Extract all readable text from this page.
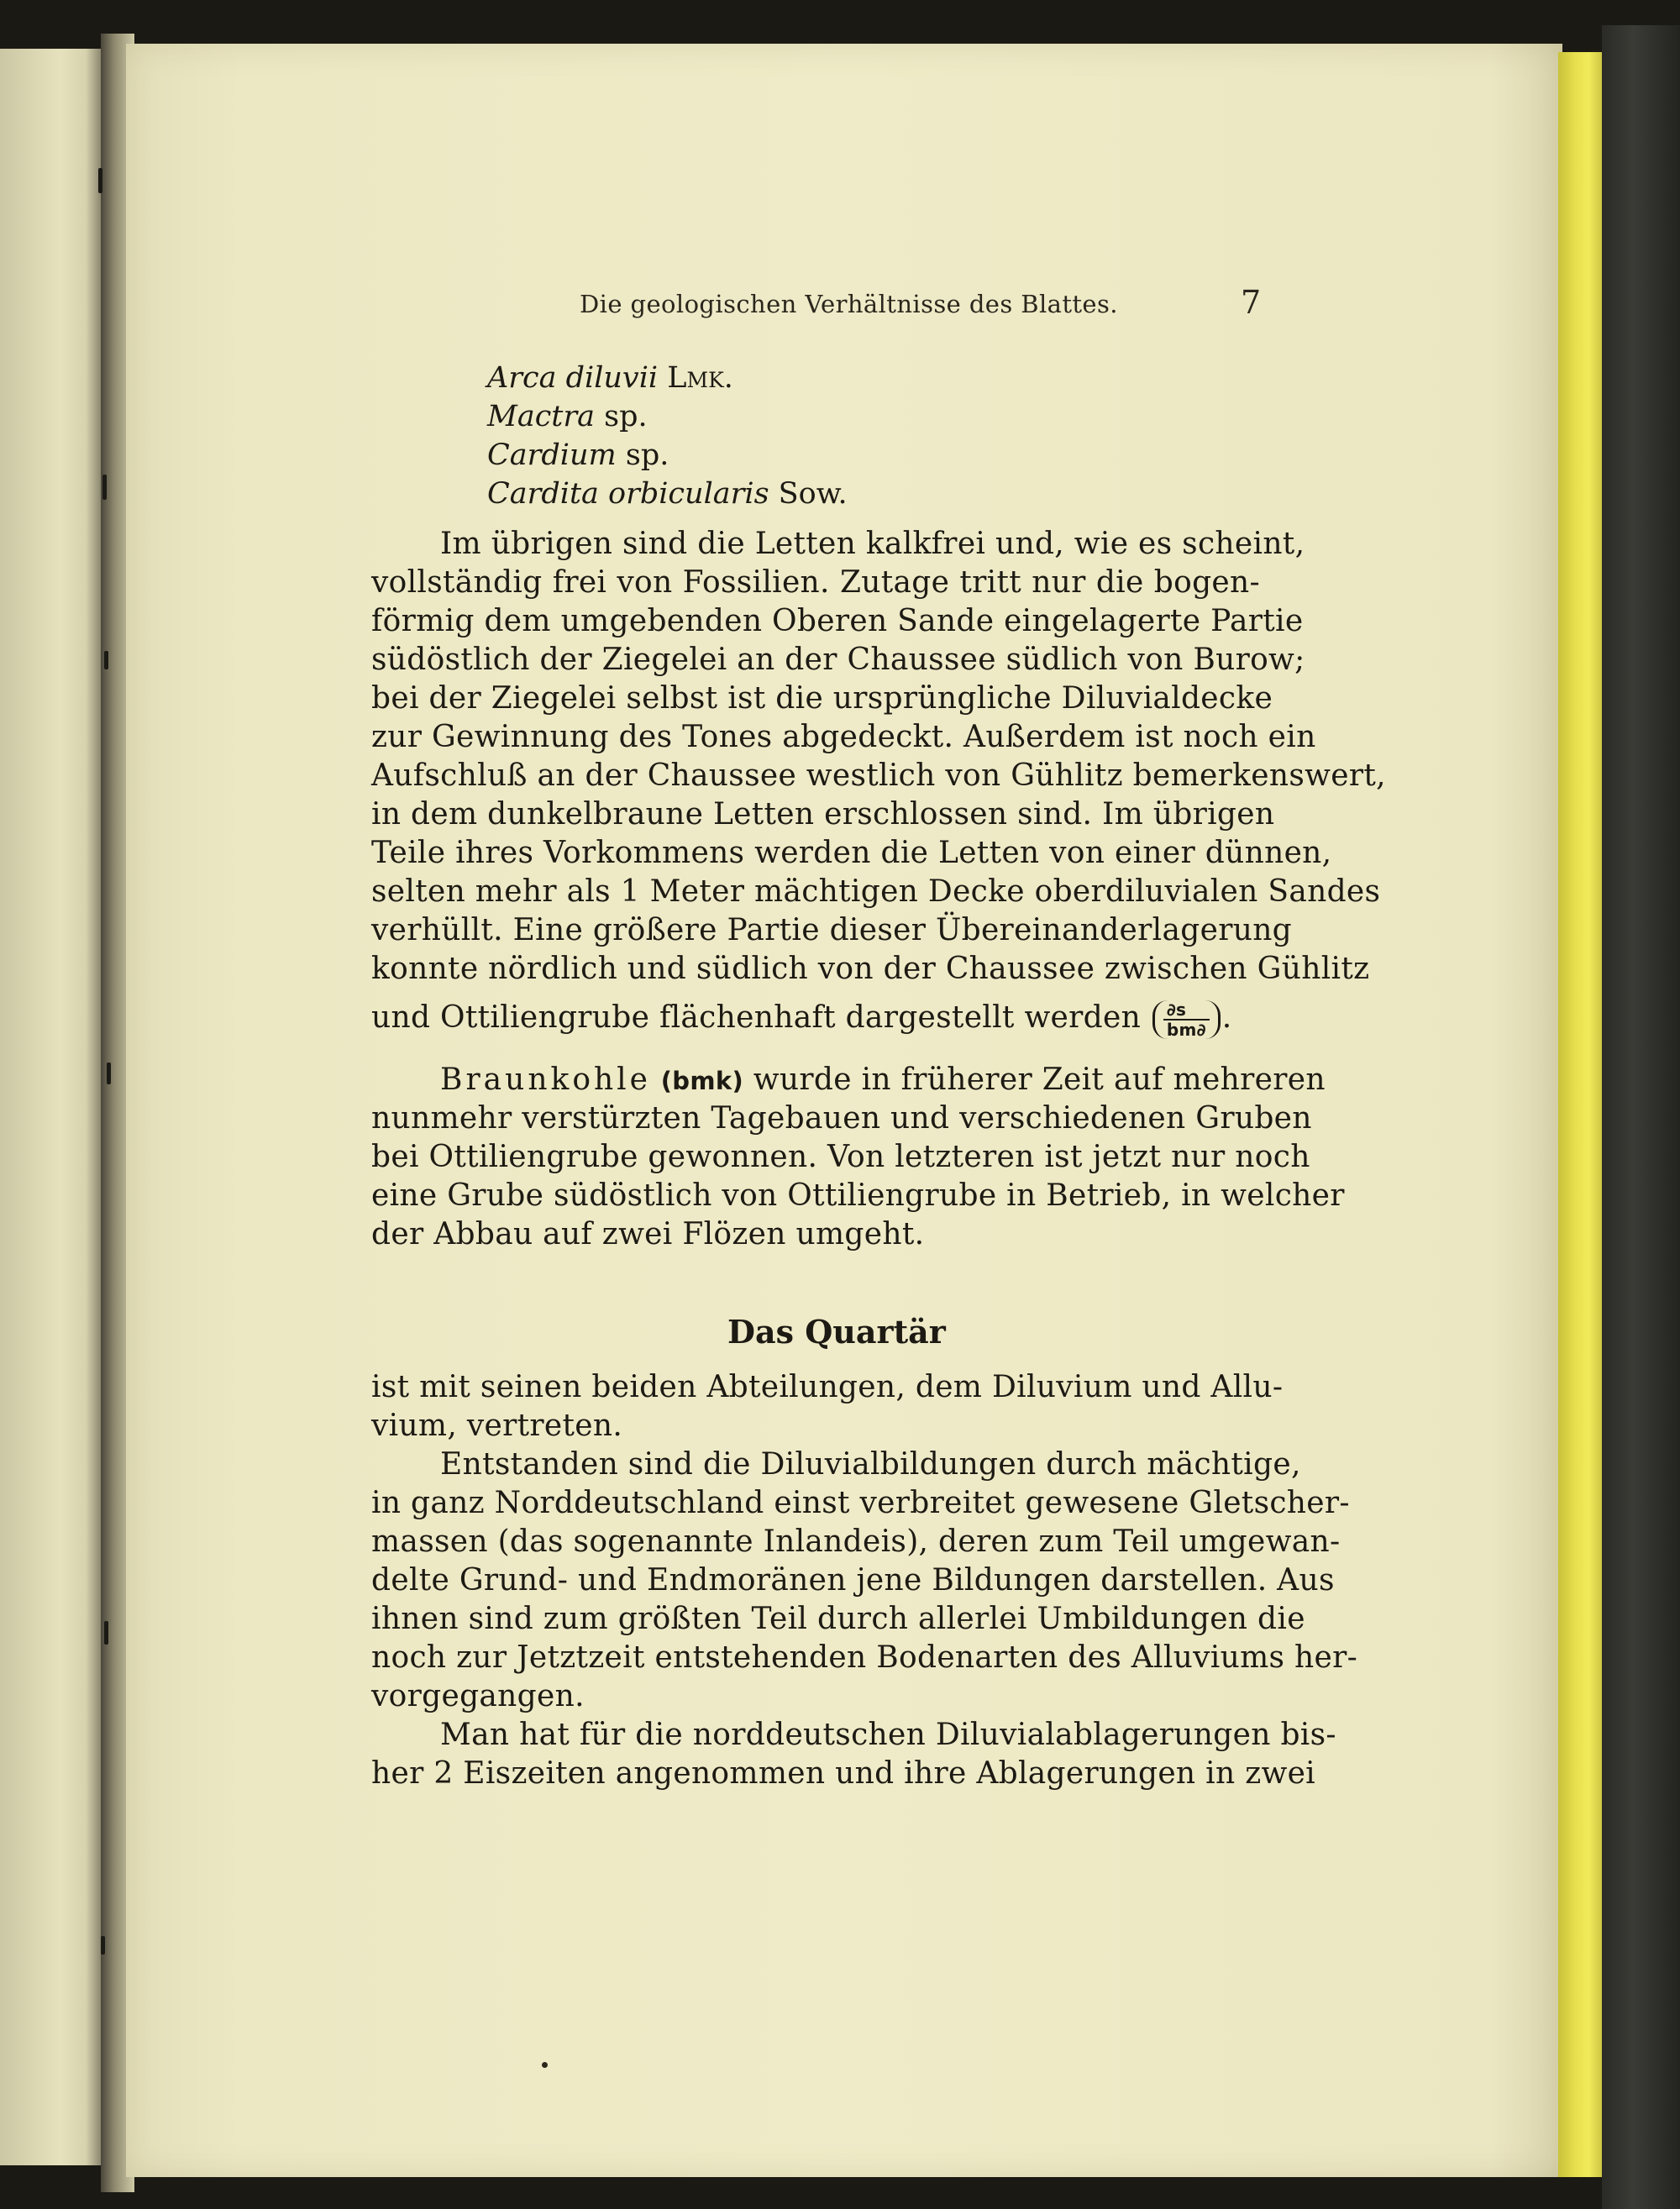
Die geologischen Verhältnisse des Blattes.	7
Arca diluvii Lmk.
Mactra sp.
Cardium sp.
Cardita orbicularis Sow.
Im übrigen sind die Letten kalkfrei und, wie es scheint,
vollständig frei von Fossilien. Zutage tritt nur die bogen-
förmig dem umgebenden Oberen Sande eingelagerte Partie
südöstlich der Ziegelei an der Chaussee südlich von Burow;
bei der Ziegelei selbst ist die ursprüngliche Diluvialdecke
zur Gewinnung des Tones abgedeckt. Außerdem ist noch ein
Aufschluß an der Chaussee westlich von Gühlitz bemerkenswert,
in dem dunkelbraune Letten erschlossen sind. Im übrigen
Teile ihres Vorkommens werden die Letten von einer dünnen,
selten mehr als 1 Meter mächtigen Decke oberdiluvialen Sandes
verhüllt. Eine größere Partie dieser Übereinanderlagerung
konnte nördlich und südlich von der Chaussee zwischen Gühlitz
und Ottiliengrube flächenhaft dargestellt werden $\frac{\partial s}{bm\partial}$ .
Braunkohle (bmk) wurde in früherer Zeit auf mehreren
nunmehr verstürzten Tagebauen und verschiedenen Gruben
bei Ottiliengrube gewonnen. Von letzteren ist jetzt nur noch
eine Grube südöstlich von Ottiliengrube in Betrieb, in welcher
der Abbau auf zwei Flözen umgeht.
ist mit seinen beiden Abteilungen, dem Diluvium und Allu-
vium, vertreten.
Entstanden sind die Diluvialbildungen durch mächtige,
in ganz Norddeutschland einst verbreitet gewesene Gletscher-
massen (das sogenannte Inlandeis), deren zum Teil umgewan-
delte Grund- und Endmoränen jene Bildungen darstellen. Aus
ihnen sind zum größten Teil durch allerlei Umbildungen die
noch zur Jetztzeit entstehenden Bodenarten des Alluviums her-
vorgegangen.
Man hat für die norddeutschen Diluvialablagerungen bis-
her 2 Eiszeiten angenommen und ihre Ablagerungen in zwei
Das Quartär
